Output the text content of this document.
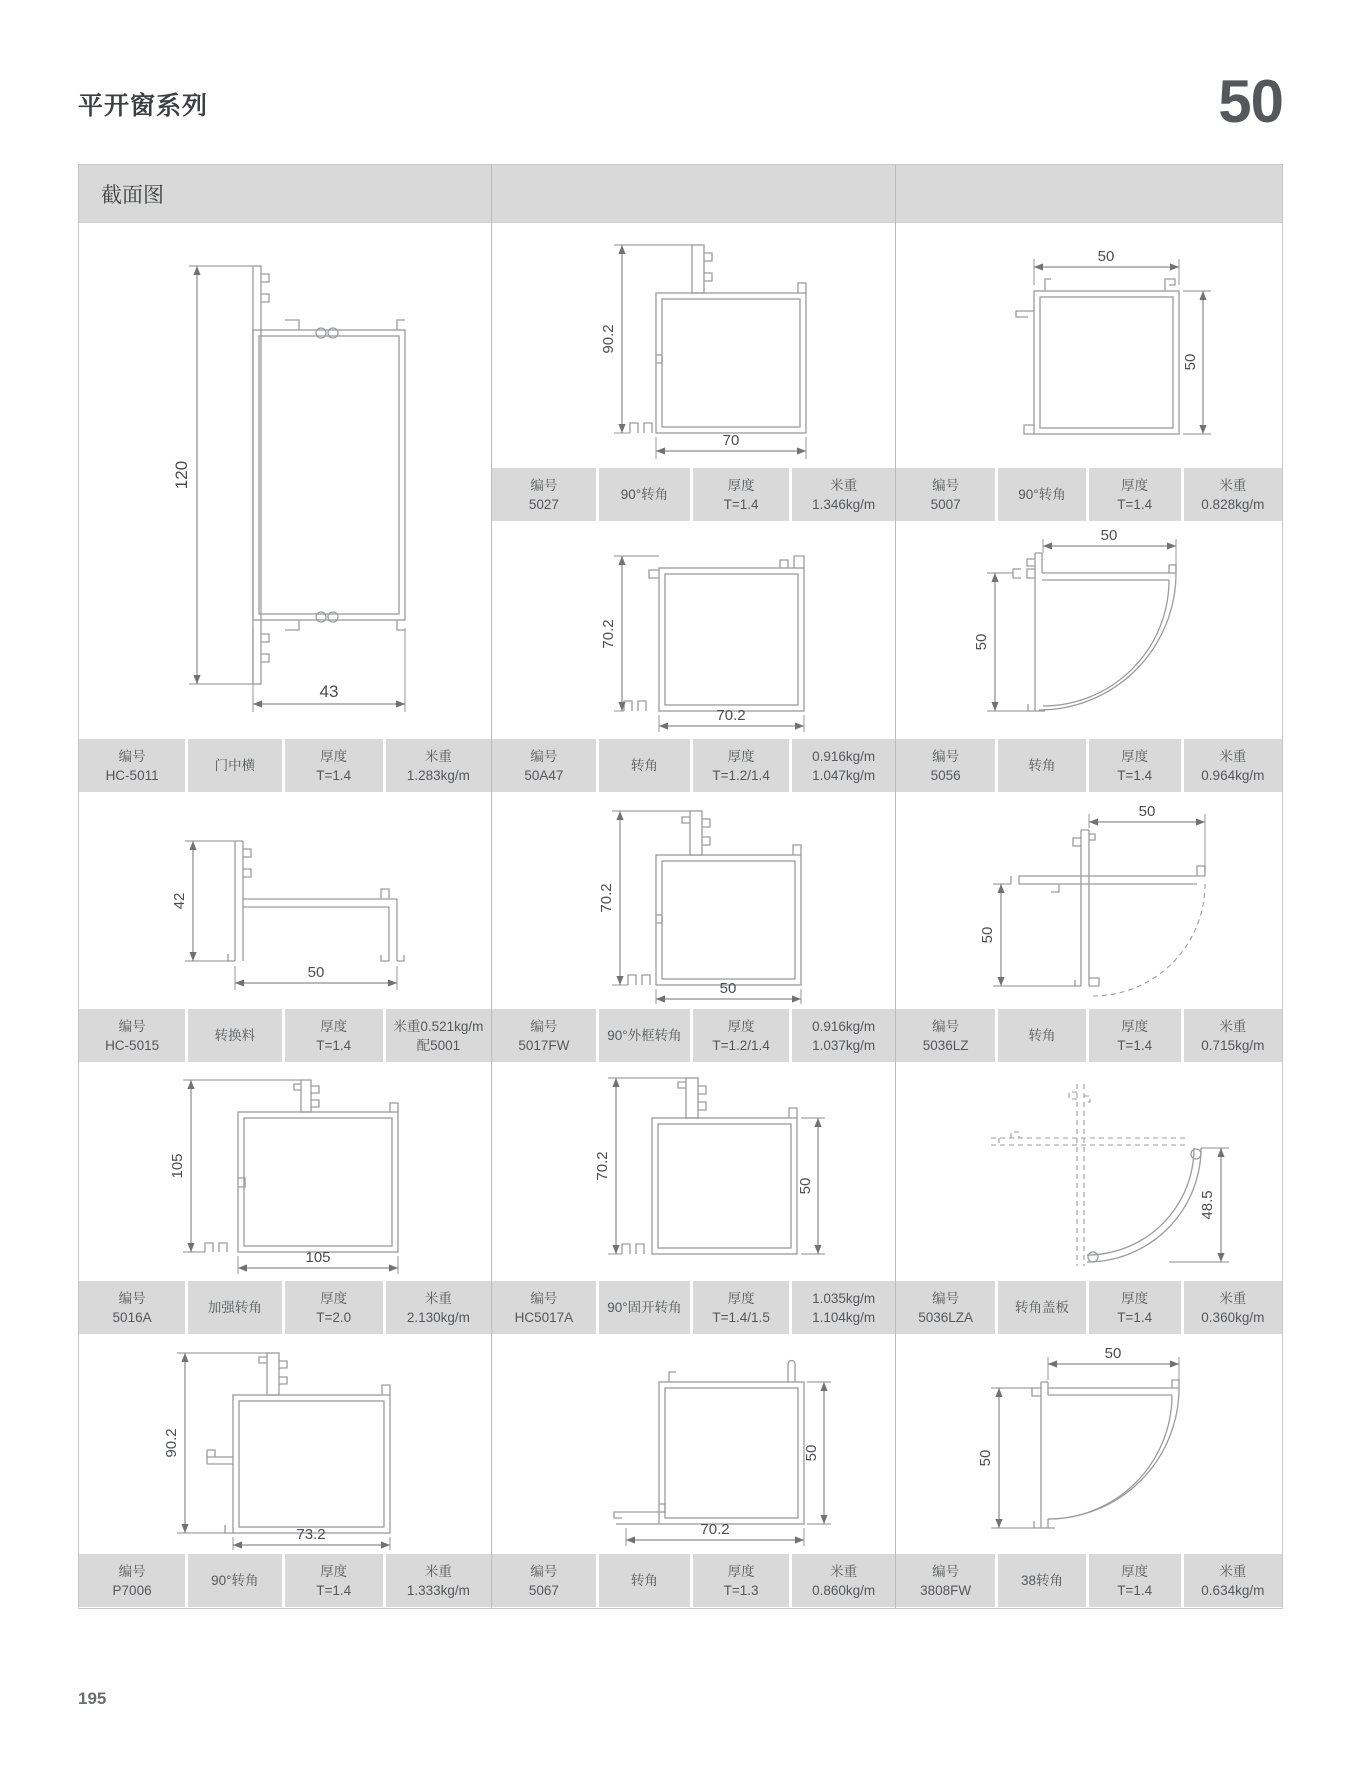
平开窗系列	50
截面图
120
43
编号
HC-5011
门中横
厚度
T=1.4
米重
1.283kg/m
42
50
编号
HC-5015
转换料
厚度
T=1.4
米重0.521kg/m
配5001
105
105
编号
5016A
加强转角
厚度
T=2.0
米重
2.130kg/m
90.2
73.2
编号
P7006
90°转角
厚度
T=1.4
米重
1.333kg/m
90.2
70
编号
5027
90°转角
厚度
T=1.4
米重
1.346kg/m
70.2
70.2
编号
50A47
转角
厚度
T=1.2/1.4
0.916kg/m
1.047kg/m
70.2
50
编号
5017FW
90°外框转角
厚度
T=1.2/1.4
0.916kg/m
1.037kg/m
70.2
50
编号
HC5017A
90°固开转角
厚度
T=1.4/1.5
1.035kg/m
1.104kg/m
50
70.2
编号
5067
转角
厚度
T=1.3
米重
0.860kg/m
50
50
编号
5007
90°转角
厚度
T=1.4
米重
0.828kg/m
50
50
编号
5056
转角
厚度
T=1.4
米重
0.964kg/m
50
50
编号
5036LZ
转角
厚度
T=1.4
米重
0.715kg/m
48.5
编号
5036LZA
转角盖板
厚度
T=1.4
米重
0.360kg/m
50
50
编号
3808FW
38转角
厚度
T=1.4
米重
0.634kg/m
195
